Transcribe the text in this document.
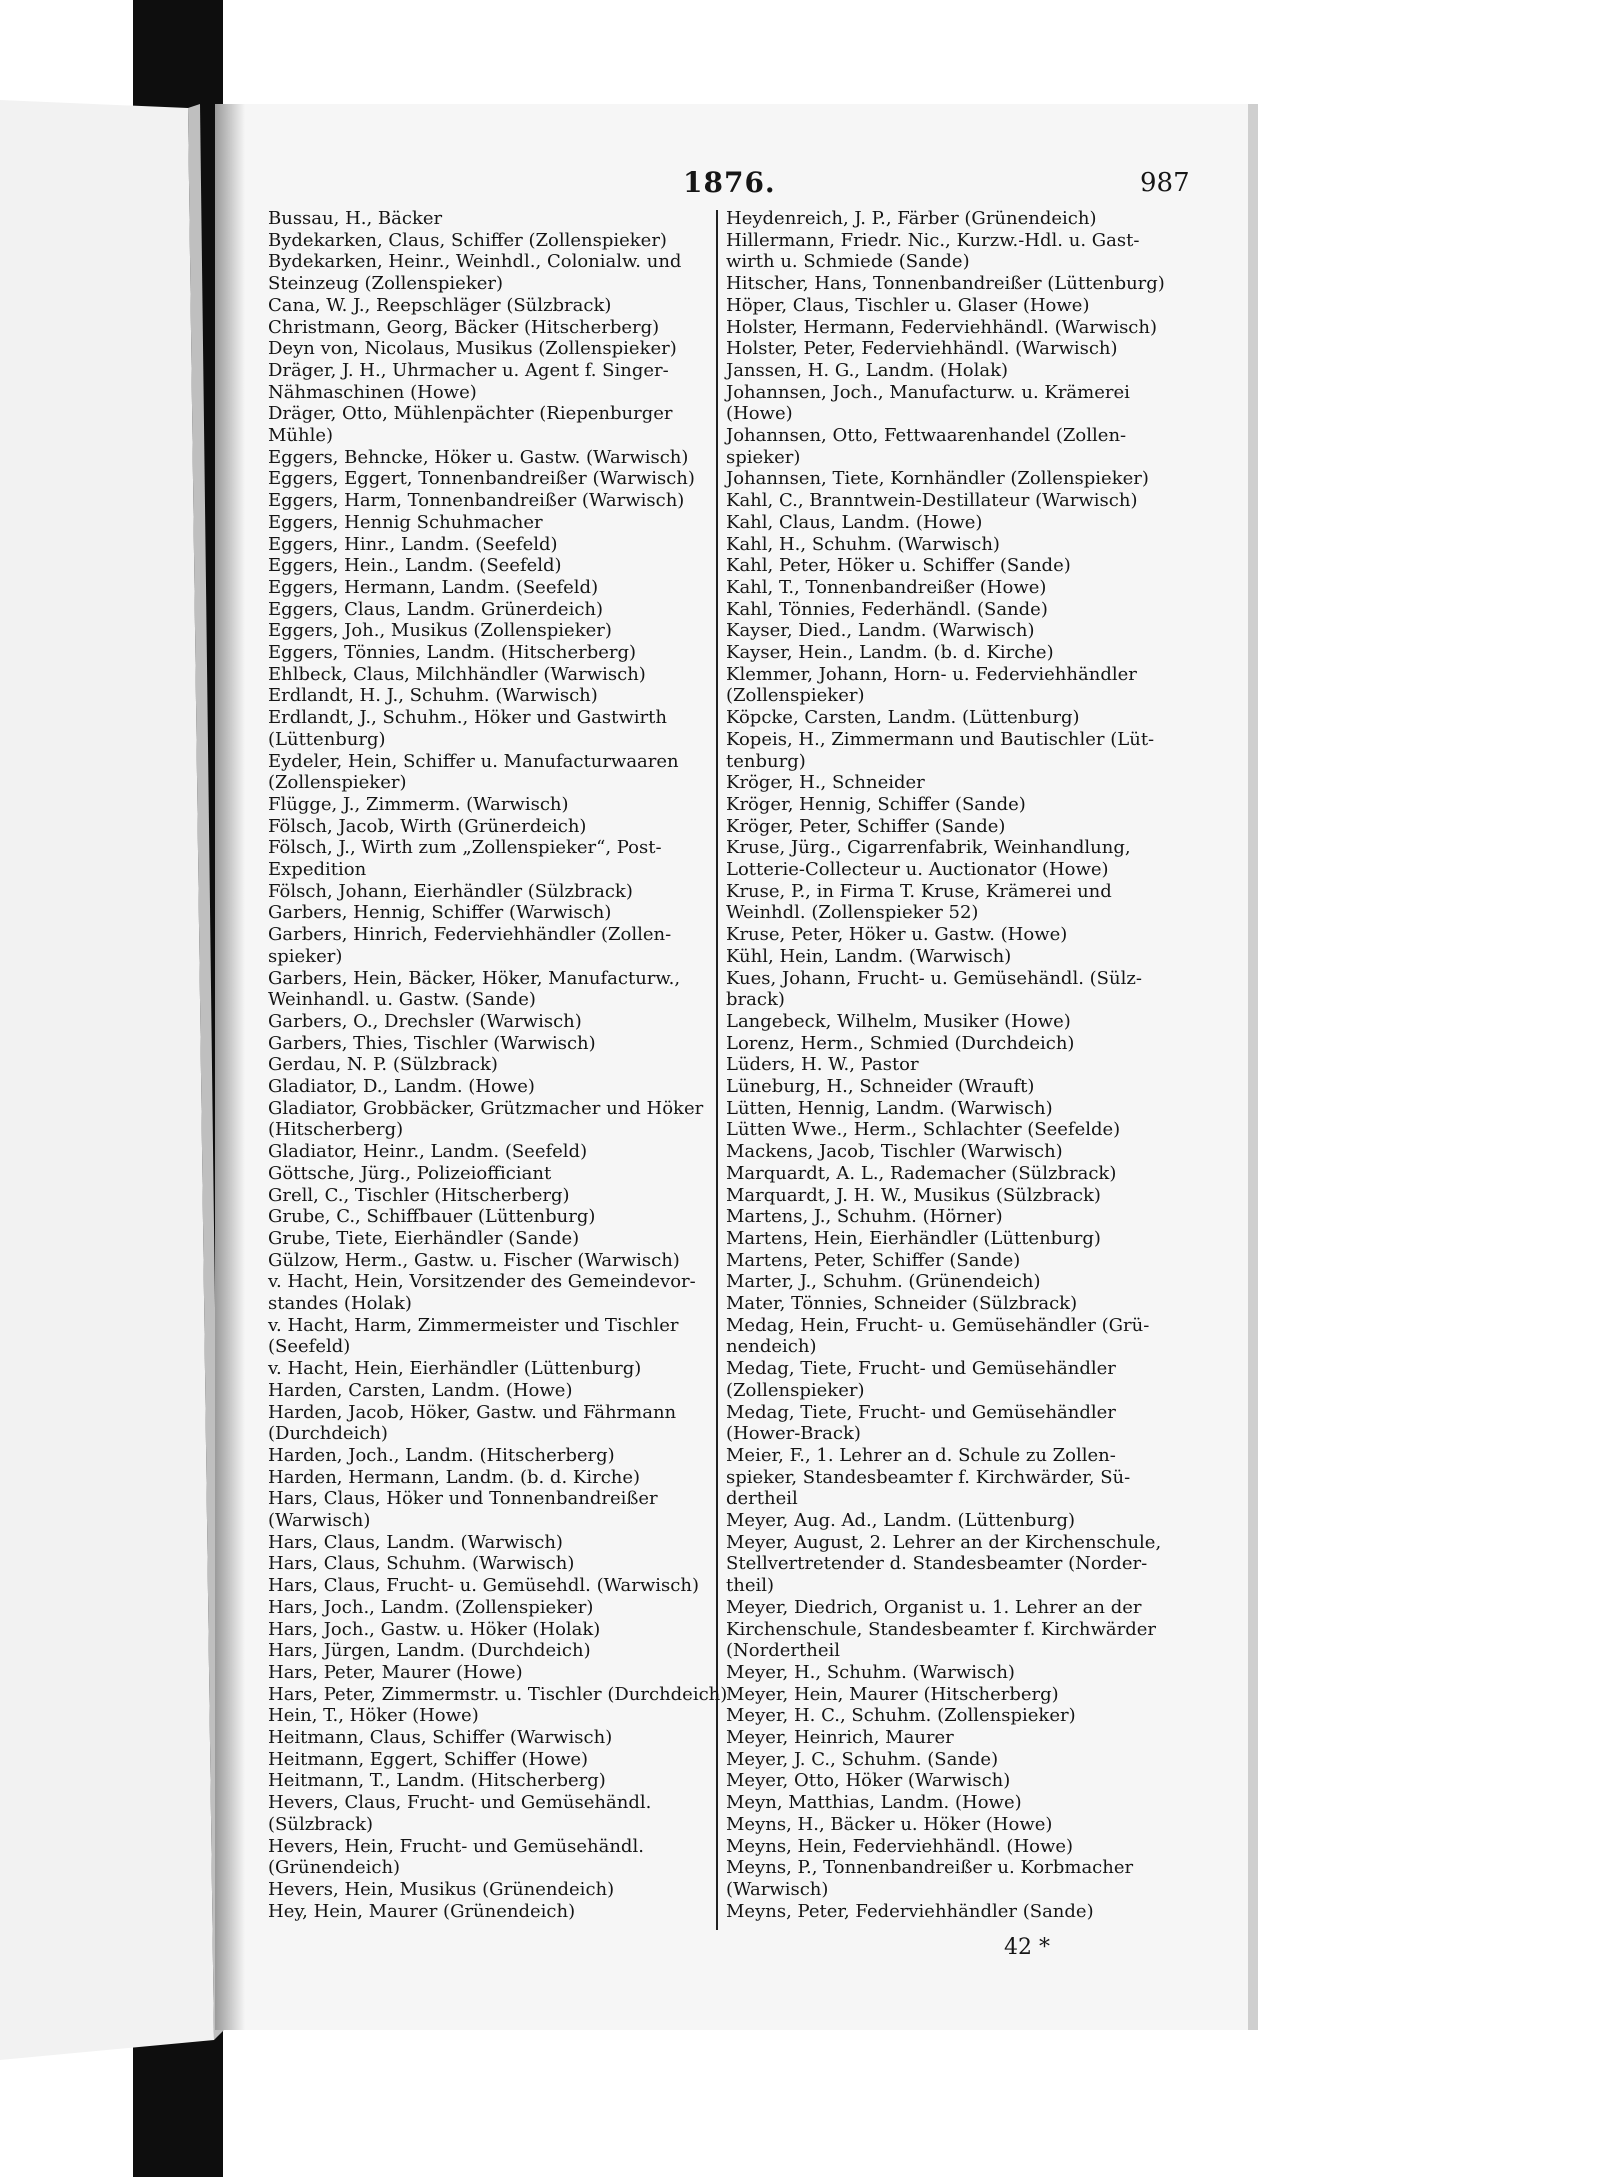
1876.	987
Bussau, H., Bäcker
Bydekarken, Claus, Schiffer (Zollenspieker)
Bydekarken, Heinr., Weinhdl., Colonialw. und
Steinzeug (Zollenspieker)
Cana, W. J., Reepschläger (Sülzbrack)
Christmann, Georg, Bäcker (Hitscherberg)
Deyn von, Nicolaus, Musikus (Zollenspieker)
Dräger, J. H., Uhrmacher u. Agent f. Singer-
Nähmaschinen (Howe)
Dräger, Otto, Mühlenpächter (Riepenburger
Mühle)
Eggers, Behncke, Höker u. Gastw. (Warwisch)
Eggers, Eggert, Tonnenbandreißer (Warwisch)
Eggers, Harm, Tonnenbandreißer (Warwisch)
Eggers, Hennig Schuhmacher
Eggers, Hinr., Landm. (Seefeld)
Eggers, Hein., Landm. (Seefeld)
Eggers, Hermann, Landm. (Seefeld)
Eggers, Claus, Landm. Grünerdeich)
Eggers, Joh., Musikus (Zollenspieker)
Eggers, Tönnies, Landm. (Hitscherberg)
Ehlbeck, Claus, Milchhändler (Warwisch)
Erdlandt, H. J., Schuhm. (Warwisch)
Erdlandt, J., Schuhm., Höker und Gastwirth
(Lüttenburg)
Eydeler, Hein, Schiffer u. Manufacturwaaren
(Zollenspieker)
Flügge, J., Zimmerm. (Warwisch)
Fölsch, Jacob, Wirth (Grünerdeich)
Fölsch, J., Wirth zum „Zollenspieker“, Post-
Expedition
Fölsch, Johann, Eierhändler (Sülzbrack)
Garbers, Hennig, Schiffer (Warwisch)
Garbers, Hinrich, Federviehhändler (Zollen-
spieker)
Garbers, Hein, Bäcker, Höker, Manufacturw.,
Weinhandl. u. Gastw. (Sande)
Garbers, O., Drechsler (Warwisch)
Garbers, Thies, Tischler (Warwisch)
Gerdau, N. P. (Sülzbrack)
Gladiator, D., Landm. (Howe)
Gladiator, Grobbäcker, Grützmacher und Höker
(Hitscherberg)
Gladiator, Heinr., Landm. (Seefeld)
Göttsche, Jürg., Polizeiofficiant
Grell, C., Tischler (Hitscherberg)
Grube, C., Schiffbauer (Lüttenburg)
Grube, Tiete, Eierhändler (Sande)
Gülzow, Herm., Gastw. u. Fischer (Warwisch)
v. Hacht, Hein, Vorsitzender des Gemeindevor-
standes (Holak)
v. Hacht, Harm, Zimmermeister und Tischler
(Seefeld)
v. Hacht, Hein, Eierhändler (Lüttenburg)
Harden, Carsten, Landm. (Howe)
Harden, Jacob, Höker, Gastw. und Fährmann
(Durchdeich)
Harden, Joch., Landm. (Hitscherberg)
Harden, Hermann, Landm. (b. d. Kirche)
Hars, Claus, Höker und Tonnenbandreißer
(Warwisch)
Hars, Claus, Landm. (Warwisch)
Hars, Claus, Schuhm. (Warwisch)
Hars, Claus, Frucht- u. Gemüsehdl. (Warwisch)
Hars, Joch., Landm. (Zollenspieker)
Hars, Joch., Gastw. u. Höker (Holak)
Hars, Jürgen, Landm. (Durchdeich)
Hars, Peter, Maurer (Howe)
Hars, Peter, Zimmermstr. u. Tischler (Durchdeich)
Hein, T., Höker (Howe)
Heitmann, Claus, Schiffer (Warwisch)
Heitmann, Eggert, Schiffer (Howe)
Heitmann, T., Landm. (Hitscherberg)
Hevers, Claus, Frucht- und Gemüsehändl.
(Sülzbrack)
Hevers, Hein, Frucht- und Gemüsehändl.
(Grünendeich)
Hevers, Hein, Musikus (Grünendeich)
Hey, Hein, Maurer (Grünendeich)
Heydenreich, J. P., Färber (Grünendeich)
Hillermann, Friedr. Nic., Kurzw.-Hdl. u. Gast-
wirth u. Schmiede (Sande)
Hitscher, Hans, Tonnenbandreißer (Lüttenburg)
Höper, Claus, Tischler u. Glaser (Howe)
Holster, Hermann, Federviehhändl. (Warwisch)
Holster, Peter, Federviehhändl. (Warwisch)
Janssen, H. G., Landm. (Holak)
Johannsen, Joch., Manufacturw. u. Krämerei
(Howe)
Johannsen, Otto, Fettwaarenhandel (Zollen-
spieker)
Johannsen, Tiete, Kornhändler (Zollenspieker)
Kahl, C., Branntwein-Destillateur (Warwisch)
Kahl, Claus, Landm. (Howe)
Kahl, H., Schuhm. (Warwisch)
Kahl, Peter, Höker u. Schiffer (Sande)
Kahl, T., Tonnenbandreißer (Howe)
Kahl, Tönnies, Federhändl. (Sande)
Kayser, Died., Landm. (Warwisch)
Kayser, Hein., Landm. (b. d. Kirche)
Klemmer, Johann, Horn- u. Federviehhändler
(Zollenspieker)
Köpcke, Carsten, Landm. (Lüttenburg)
Kopeis, H., Zimmermann und Bautischler (Lüt-
tenburg)
Kröger, H., Schneider
Kröger, Hennig, Schiffer (Sande)
Kröger, Peter, Schiffer (Sande)
Kruse, Jürg., Cigarrenfabrik, Weinhandlung,
Lotterie-Collecteur u. Auctionator (Howe)
Kruse, P., in Firma T. Kruse, Krämerei und
Weinhdl. (Zollenspieker 52)
Kruse, Peter, Höker u. Gastw. (Howe)
Kühl, Hein, Landm. (Warwisch)
Kues, Johann, Frucht- u. Gemüsehändl. (Sülz-
brack)
Langebeck, Wilhelm, Musiker (Howe)
Lorenz, Herm., Schmied (Durchdeich)
Lüders, H. W., Pastor
Lüneburg, H., Schneider (Wrauft)
Lütten, Hennig, Landm. (Warwisch)
Lütten Wwe., Herm., Schlachter (Seefelde)
Mackens, Jacob, Tischler (Warwisch)
Marquardt, A. L., Rademacher (Sülzbrack)
Marquardt, J. H. W., Musikus (Sülzbrack)
Martens, J., Schuhm. (Hörner)
Martens, Hein, Eierhändler (Lüttenburg)
Martens, Peter, Schiffer (Sande)
Marter, J., Schuhm. (Grünendeich)
Mater, Tönnies, Schneider (Sülzbrack)
Medag, Hein, Frucht- u. Gemüsehändler (Grü-
nendeich)
Medag, Tiete, Frucht- und Gemüsehändler
(Zollenspieker)
Medag, Tiete, Frucht- und Gemüsehändler
(Hower-Brack)
Meier, F., 1. Lehrer an d. Schule zu Zollen-
spieker, Standesbeamter f. Kirchwärder, Sü-
dertheil
Meyer, Aug. Ad., Landm. (Lüttenburg)
Meyer, August, 2. Lehrer an der Kirchenschule,
Stellvertretender d. Standesbeamter (Norder-
theil)
Meyer, Diedrich, Organist u. 1. Lehrer an der
Kirchenschule, Standesbeamter f. Kirchwärder
(Nordertheil
Meyer, H., Schuhm. (Warwisch)
Meyer, Hein, Maurer (Hitscherberg)
Meyer, H. C., Schuhm. (Zollenspieker)
Meyer, Heinrich, Maurer
Meyer, J. C., Schuhm. (Sande)
Meyer, Otto, Höker (Warwisch)
Meyn, Matthias, Landm. (Howe)
Meyns, H., Bäcker u. Höker (Howe)
Meyns, Hein, Federviehhändl. (Howe)
Meyns, P., Tonnenbandreißer u. Korbmacher
(Warwisch)
Meyns, Peter, Federviehhändler (Sande)
42 *
